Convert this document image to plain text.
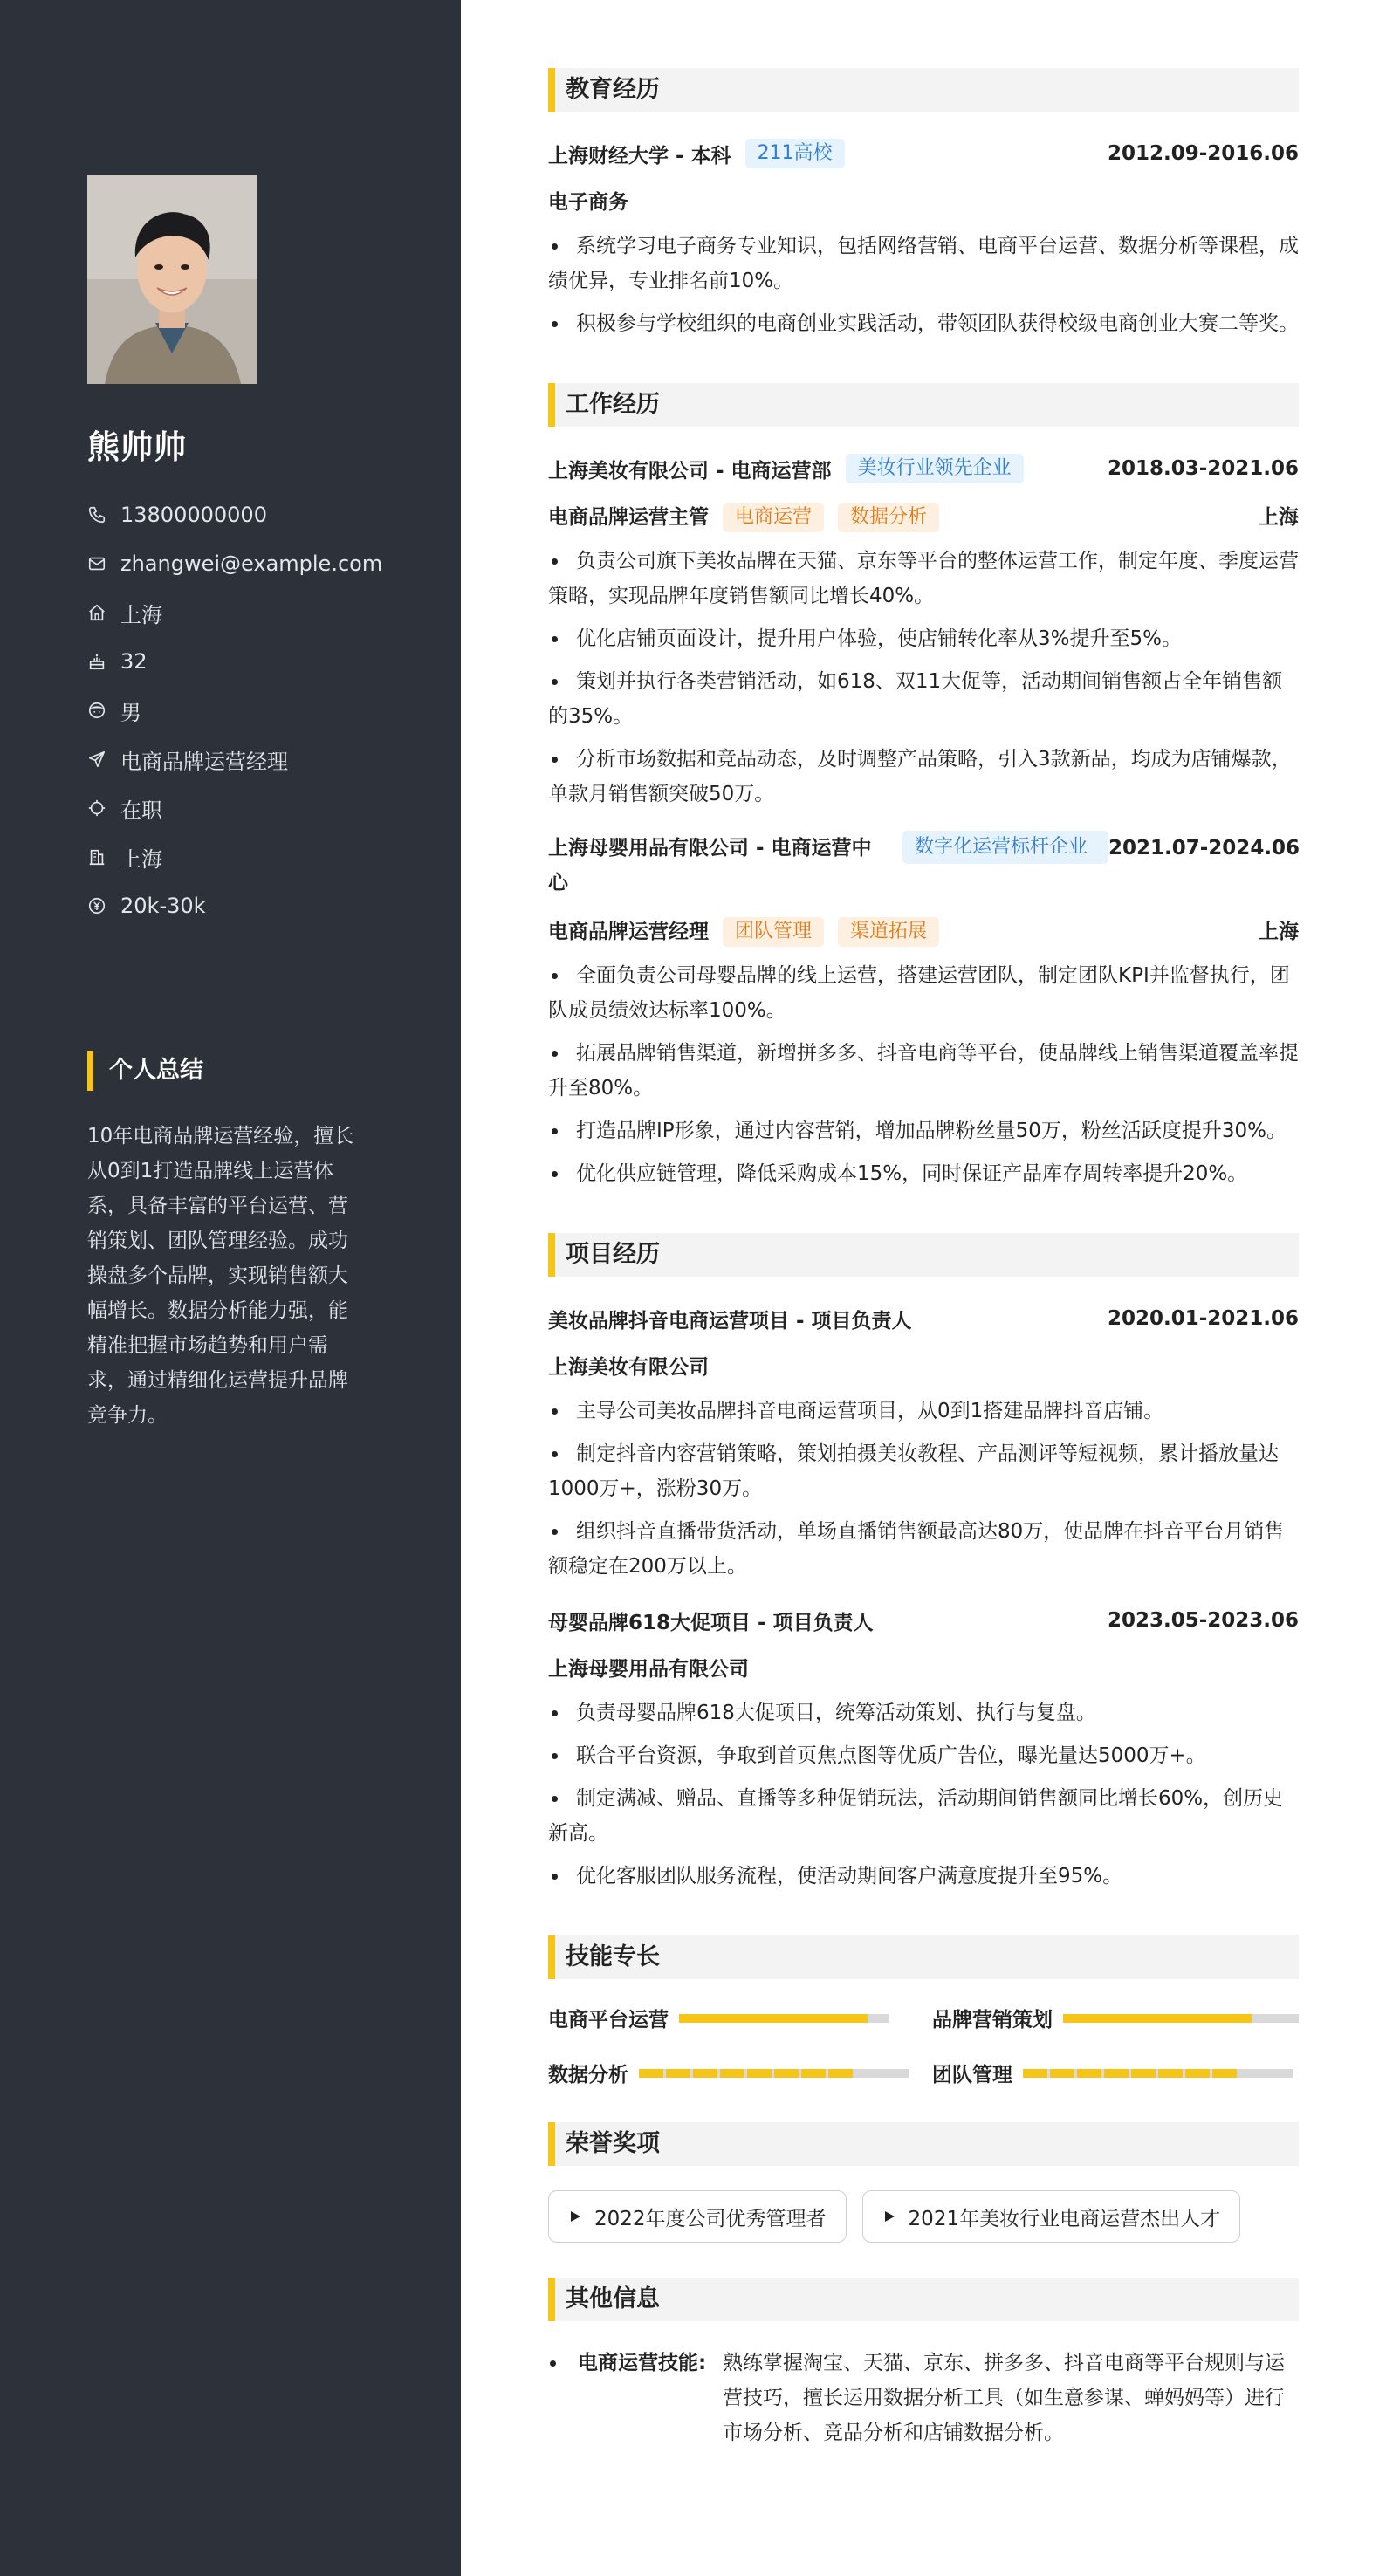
熊帅帅
13800000000
zhangwei@example.com
上海
32
男
电商品牌运营经理
在职
上海
20k-30k
个人总结

10年电商品牌运营经验，擅长从0到1打造品牌线上运营体系，具备丰富的平台运营、营销策划、团队管理经验。成功操盘多个品牌，实现销售额大幅增长。数据分析能力强，能精准把握市场趋势和用户需求，通过精细化运营提升品牌竞争力。

教育经历
上海财经大学 - 本科	211高校	2012.09-2016.06
电子商务
系统学习电子商务专业知识，包括网络营销、电商平台运营、数据分析等课程，成绩优异，专业排名前10%。
积极参与学校组织的电商创业实践活动，带领团队获得校级电商创业大赛二等奖。
工作经历
上海美妆有限公司 - 电商运营部	美妆行业领先企业	2018.03-2021.06
电商品牌运营主管	电商运营	数据分析	上海
负责公司旗下美妆品牌在天猫、京东等平台的整体运营工作，制定年度、季度运营策略，实现品牌年度销售额同比增长40%。
优化店铺页面设计，提升用户体验，使店铺转化率从3%提升至5%。
策划并执行各类营销活动，如618、双11大促等，活动期间销售额占全年销售额的35%。
分析市场数据和竞品动态，及时调整产品策略，引入3款新品，均成为店铺爆款，单款月销售额突破50万。
上海母婴用品有限公司 - 电商运营中心
数字化运营标杆企业	2021.07-2024.06
电商品牌运营经理	团队管理	渠道拓展	上海
全面负责公司母婴品牌的线上运营，搭建运营团队，制定团队KPI并监督执行，团队成员绩效达标率100%。
拓展品牌销售渠道，新增拼多多、抖音电商等平台，使品牌线上销售渠道覆盖率提升至80%。
打造品牌IP形象，通过内容营销，增加品牌粉丝量50万，粉丝活跃度提升30%。
优化供应链管理，降低采购成本15%，同时保证产品库存周转率提升20%。
项目经历
美妆品牌抖音电商运营项目 - 项目负责人	2020.01-2021.06
上海美妆有限公司
主导公司美妆品牌抖音电商运营项目，从0到1搭建品牌抖音店铺。
制定抖音内容营销策略，策划拍摄美妆教程、产品测评等短视频，累计播放量达1000万+，涨粉30万。
组织抖音直播带货活动，单场直播销售额最高达80万，使品牌在抖音平台月销售额稳定在200万以上。
母婴品牌618大促项目 - 项目负责人	2023.05-2023.06
上海母婴用品有限公司
负责母婴品牌618大促项目，统筹活动策划、执行与复盘。
联合平台资源，争取到首页焦点图等优质广告位，曝光量达5000万+。
制定满减、赠品、直播等多种促销玩法，活动期间销售额同比增长60%，创历史新高。
优化客服团队服务流程，使活动期间客户满意度提升至95%。
技能专长
电商平台运营	品牌营销策划
数据分析	团队管理
荣誉奖项
2022年度公司优秀管理者	2021年美妆行业电商运营杰出人才
其他信息
电商运营技能: 熟练掌握淘宝、天猫、京东、拼多多、抖音电商等平台规则与运营技巧，擅长运用数据分析工具（如生意参谋、蝉妈妈等）进行市场分析、竞品分析和店铺数据分析。
